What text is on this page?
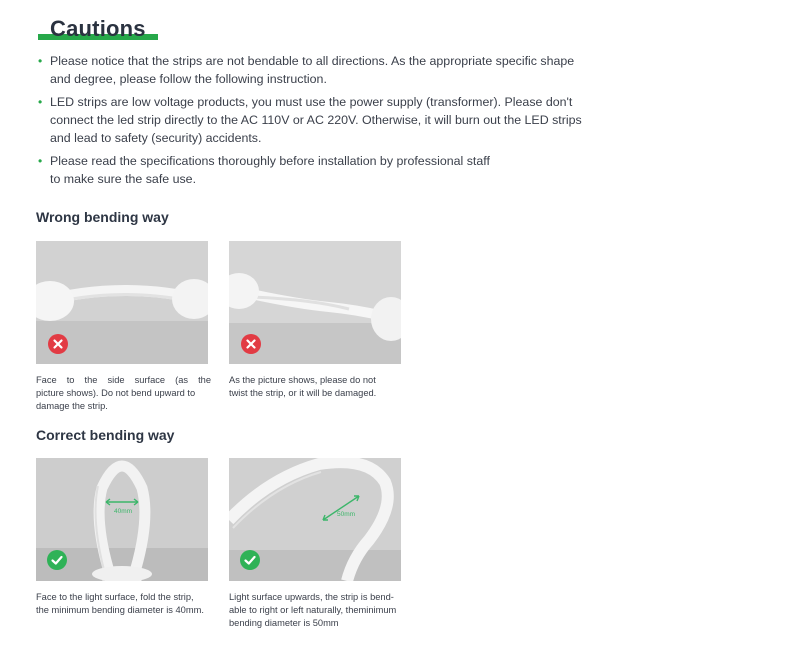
Cautions
• Please notice that the strips are not bendable to all directions. As the appropriate specific shape
and degree, please follow the following instruction.
• LED strips are low voltage products, you must use the power supply (transformer). Please don't
connect the led strip directly to the AC 110V or AC 220V. Otherwise, it will burn out the LED strips
and lead to safety (security) accidents.
• Please read the specifications thoroughly before installation by professional staff
to make sure the safe use.
Wrong bending way
Face to the side surface (as the
picture shows). Do not bend upward to
damage the strip.
As the picture shows, please do not
twist the strip, or it will be damaged.
Correct bending way
40mm	50mm
Face to the light surface, fold the strip,
the minimum bending diameter is 40mm.
Light surface upwards, the strip is bend-
able to right or left naturally, theminimum
bending diameter is 50mm
